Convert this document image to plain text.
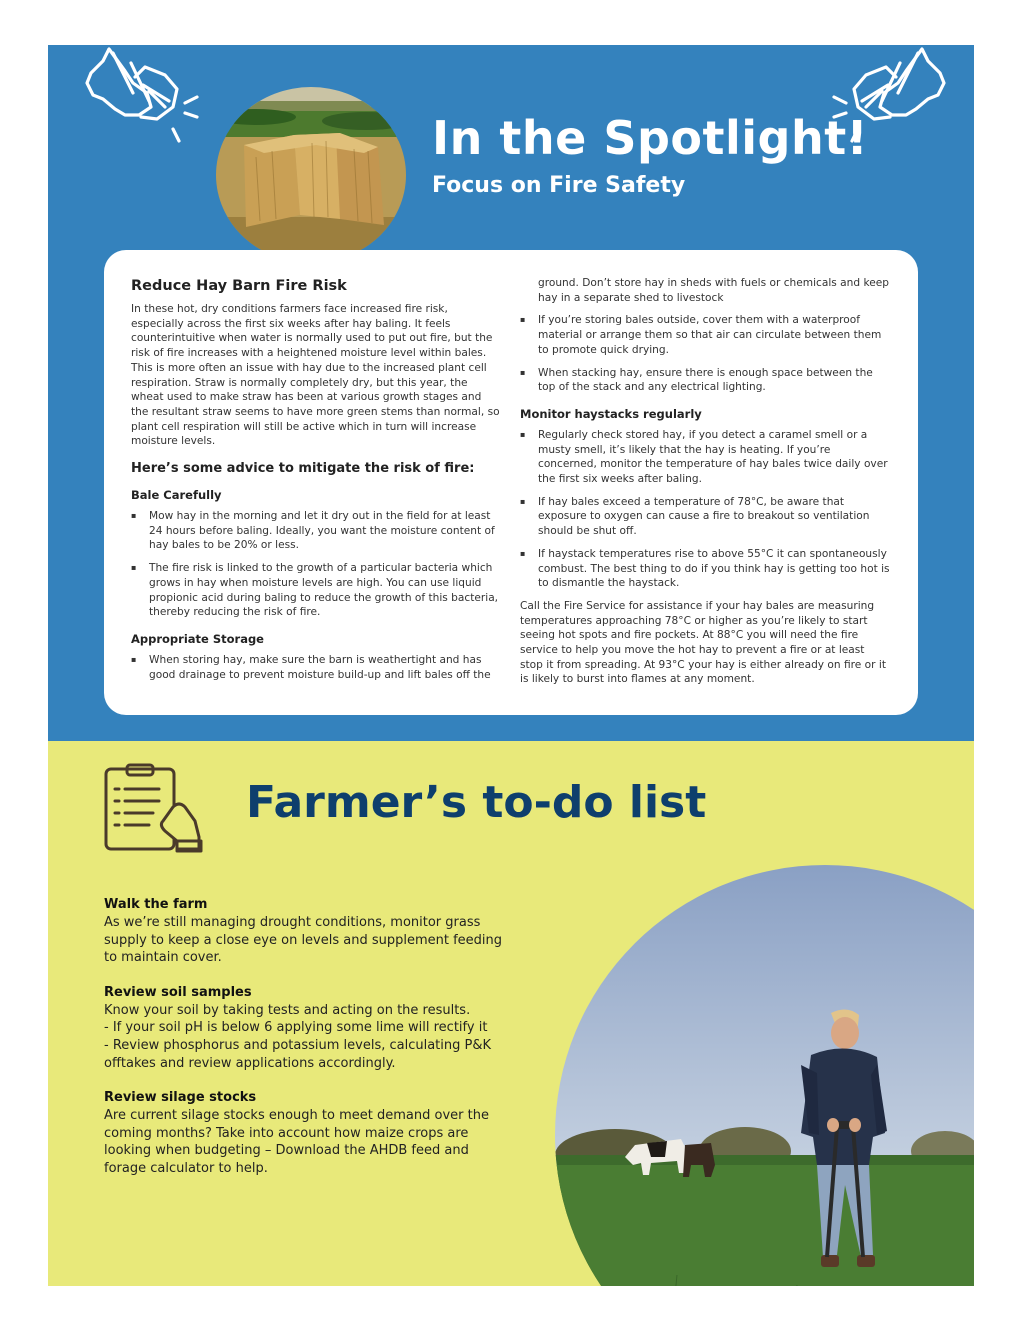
In the Spotlight!
Focus on Fire Safety
Reduce Hay Barn Fire Risk

In these hot, dry conditions farmers face increased fire risk, especially across the first six weeks after hay baling. It feels counterintuitive when water is normally used to put out fire, but the risk of fire increases with a heightened moisture level within bales. This is more often an issue with hay due to the increased plant cell respiration. Straw is normally completely dry, but this year, the wheat used to make straw has been at various growth stages and the resultant straw seems to have more green stems than normal, so plant cell respiration will still be active which in turn will increase moisture levels.

Here’s some advice to mitigate the risk of fire:
Bale Carefully
▪ Mow hay in the morning and let it dry out in the field for at least 24 hours before baling. Ideally, you want the moisture content of hay bales to be 20% or less.
▪ The fire risk is linked to the growth of a particular bacteria which grows in hay when moisture levels are high. You can use liquid propionic acid during baling to reduce the growth of this bacteria, thereby reducing the risk of fire.
Appropriate Storage
▪ When storing hay, make sure the barn is weathertight and has good drainage to prevent moisture build-up and lift bales off the

ground. Don’t store hay in sheds with fuels or chemicals and keep hay in a separate shed to livestock

▪ If you’re storing bales outside, cover them with a waterproof material or arrange them so that air can circulate between them to promote quick drying.
▪ When stacking hay, ensure there is enough space between the top of the stack and any electrical lighting.
Monitor haystacks regularly
▪ Regularly check stored hay, if you detect a caramel smell or a musty smell, it’s likely that the hay is heating. If you’re concerned, monitor the temperature of hay bales twice daily over the first six weeks after baling.
▪ If hay bales exceed a temperature of 78°C, be aware that exposure to oxygen can cause a fire to breakout so ventilation should be shut off.
▪ If haystack temperatures rise to above 55°C it can spontaneously combust. The best thing to do if you think hay is getting too hot is to dismantle the haystack.

Call the Fire Service for assistance if your hay bales are measuring temperatures approaching 78°C or higher as you’re likely to start seeing hot spots and fire pockets. At 88°C you will need the fire service to help you move the hot hay to prevent a fire or at least stop it from spreading. At 93°C your hay is either already on fire or it is likely to burst into flames at any moment.

Farmer’s to-do list

Walk the farm

As we’re still managing drought conditions, monitor grass supply to keep a close eye on levels and supplement feeding to maintain cover.

Review soil samples

Know your soil by taking tests and acting on the results.

- If your soil pH is below 6 applying some lime will rectify it

- Review phosphorus and potassium levels, calculating P&K offtakes and review applications accordingly.

Review silage stocks

Are current silage stocks enough to meet demand over the coming months? Take into account how maize crops are looking when budgeting – Download the AHDB feed and forage calculator to help.
